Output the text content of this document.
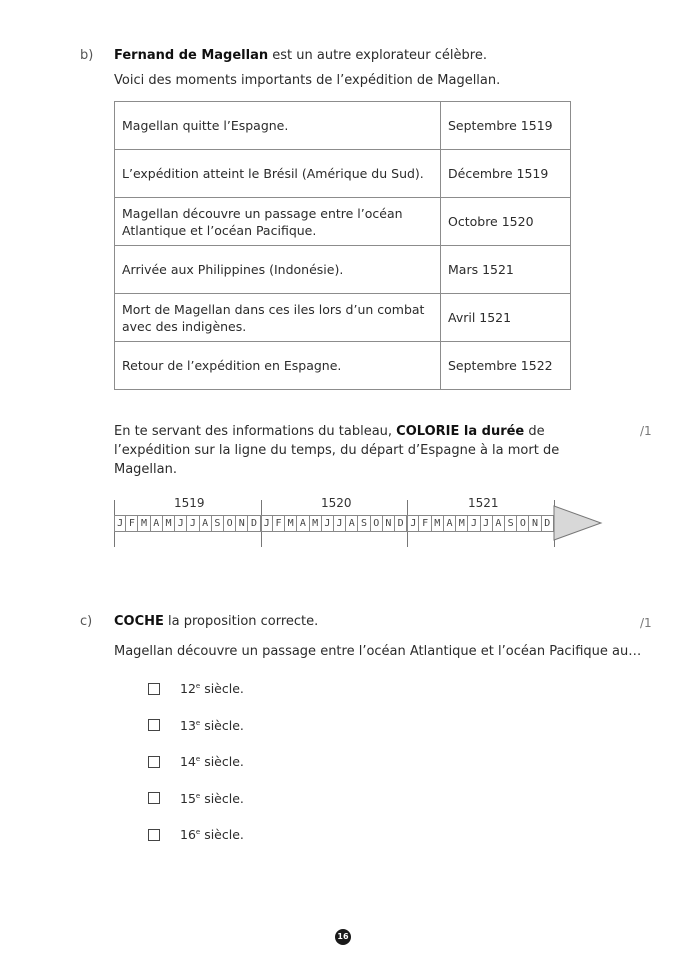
b) Fernand de Magellan est un autre explorateur célèbre.
Voici des moments importants de l’expédition de Magellan.
Magellan quitte l’Espagne.	Septembre 1519
L’expédition atteint le Brésil (Amérique du Sud).	Décembre 1519
Magellan découvre un passage entre l’océan Atlantique et l’océan Pacifique.	Octobre 1520
Arrivée aux Philippines (Indonésie).	Mars 1521
Mort de Magellan dans ces iles lors d’un combat avec des indigènes.	Avril 1521
Retour de l’expédition en Espagne.	Septembre 1522
En te servant des informations du tableau, COLORIE la durée de l’expédition sur la ligne du temps, du départ d’Espagne à la mort de Magellan.
/1
1519	1520	1521
J F M A M J J A S O N D J F M A M J J A S O N D J F M A M J J A S O N D
c) COCHE la proposition correcte.	/1
Magellan découvre un passage entre l’océan Atlantique et l’océan Pacifique au…
12e siècle.
13e siècle.
14e siècle.
15e siècle.
16e siècle.
16
